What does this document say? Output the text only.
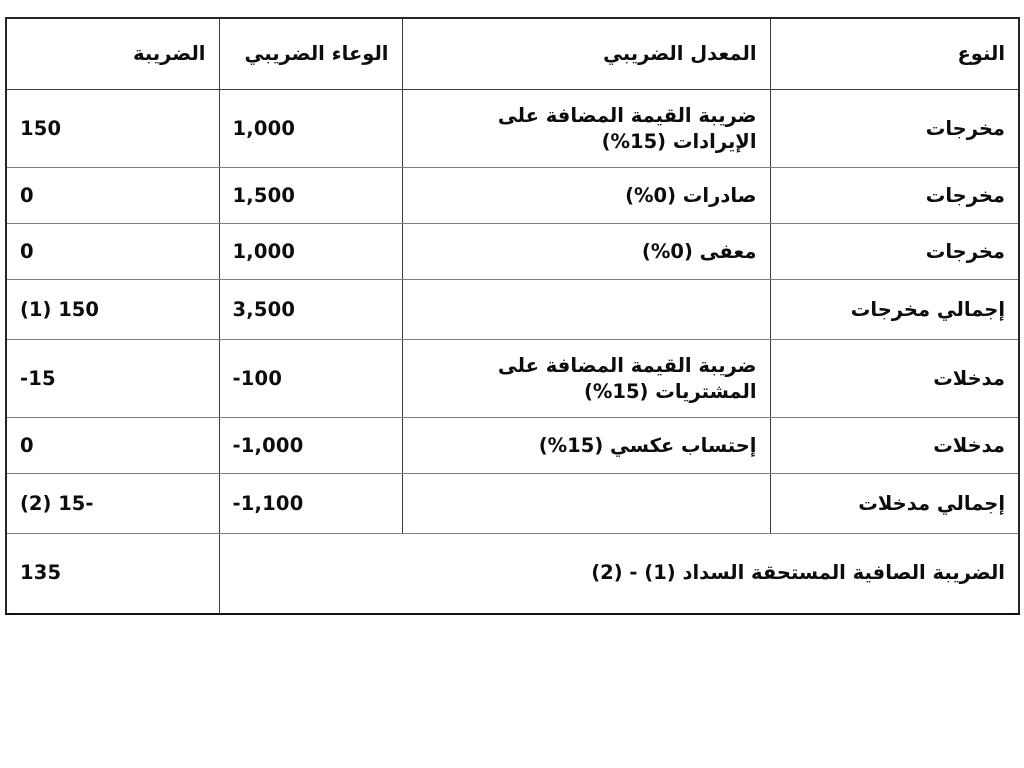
النوع	المعدل الضريبي	الوعاء الضريبي	الضريبة
مخرجات	ضريبة القيمة المضافة على الإيرادات (15%)	1,000	150
مخرجات	صادرات (0%)	1,500	0
مخرجات	معفى (0%)	1,000	0
إجمالي مخرجات		3,500	150 (1)
مدخلات	ضريبة القيمة المضافة على المشتريات (15%)	-100	-15
مدخلات	إحتساب عكسي (15%)	-1,000	0
إجمالي مدخلات		-1,100	-15 (2)
الضريبة الصافية المستحقة السداد (1) - (2)			135
